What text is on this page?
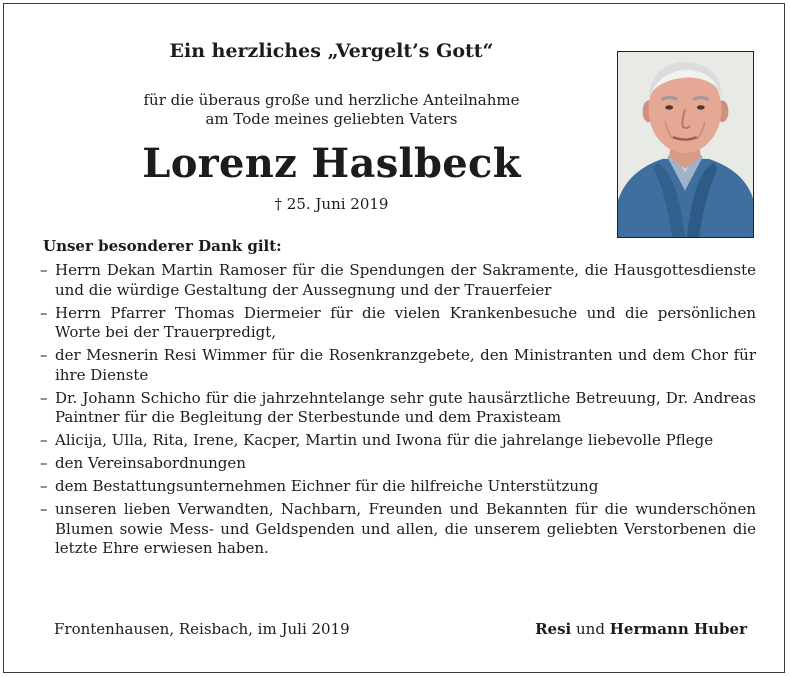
Ein herzliches „Vergelt’s Gott“
für die überaus große und herzliche Anteilnahme
am Tode meines geliebten Vaters
Lorenz Haslbeck
† 25. Juni 2019
Unser besonderer Dank gilt:
– Herrn Dekan Martin Ramoser für die Spendungen der Sakramente, die Hausgottesdienste und die würdige Gestaltung der Aussegnung und der Trauerfeier
– Herrn Pfarrer Thomas Diermeier für die vielen Krankenbesuche und die persönlichen Worte bei der Trauerpredigt,
– der Mesnerin Resi Wimmer für die Rosenkranzgebete, den Ministranten und dem Chor für ihre Dienste
– Dr. Johann Schicho für die jahrzehntelange sehr gute hausärztliche Betreuung, Dr. Andreas Paintner für die Begleitung der Sterbestunde und dem Praxisteam
– Alicija, Ulla, Rita, Irene, Kacper, Martin und Iwona für die jahrelange liebevolle Pflege
– den Vereinsabordnungen
– dem Bestattungsunternehmen Eichner für die hilfreiche Unterstützung
– unseren lieben Verwandten, Nachbarn, Freunden und Bekannten für die wunderschönen Blumen sowie Mess- und Geldspenden und allen, die unserem geliebten Verstorbenen die letzte Ehre erwiesen haben.
Frontenhausen, Reisbach, im Juli 2019	Resi und Hermann Huber
